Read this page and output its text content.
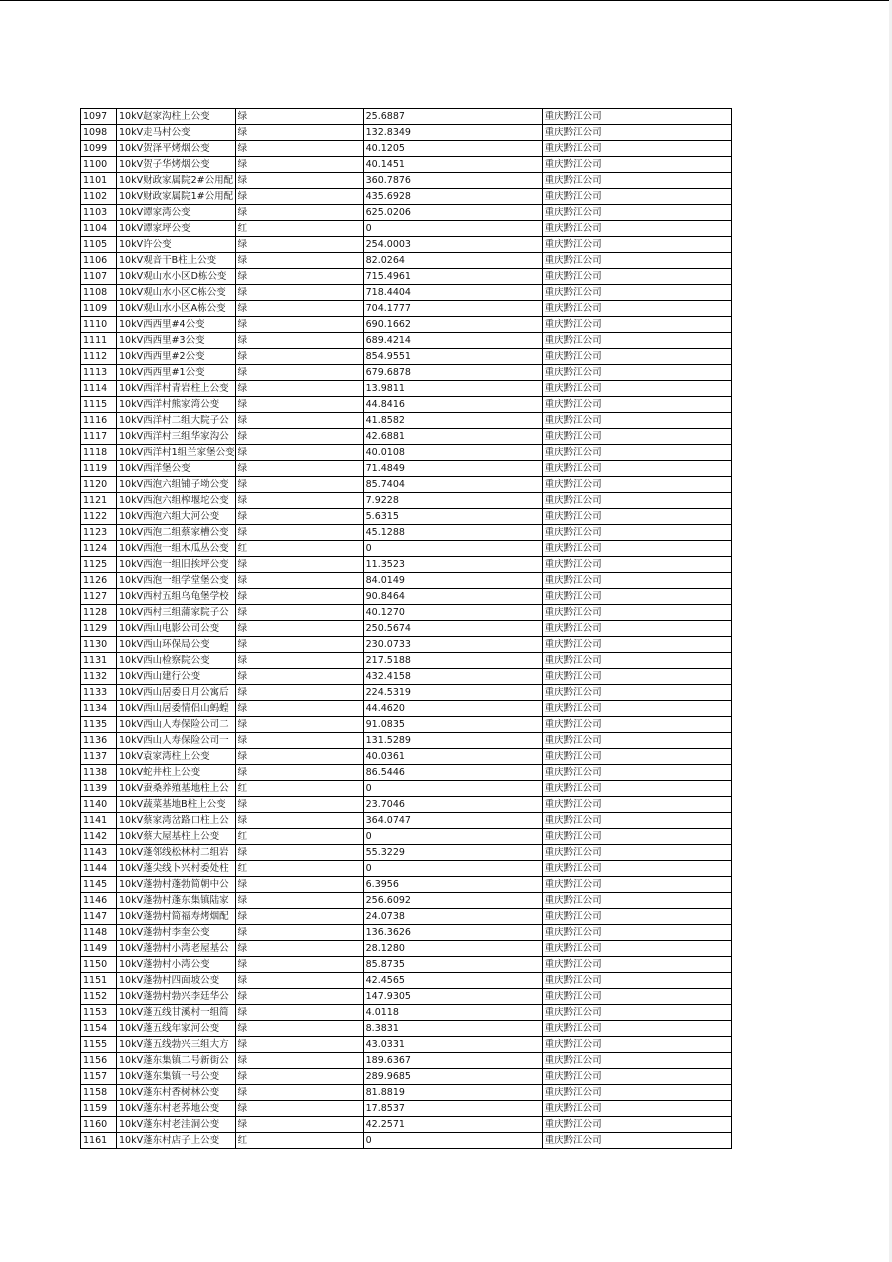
1097	10kV赵家沟柱上公变	绿	25.6887	重庆黔江公司
1098	10kV走马村公变	绿	132.8349	重庆黔江公司
1099	10kV贺泽平烤烟公变	绿	40.1205	重庆黔江公司
1100	10kV贺子华烤烟公变	绿	40.1451	重庆黔江公司
1101	10kV财政家属院2#公用配	绿	360.7876	重庆黔江公司
1102	10kV财政家属院1#公用配	绿	435.6928	重庆黔江公司
1103	10kV谭家湾公变	绿	625.0206	重庆黔江公司
1104	10kV谭家坪公变	红	0	重庆黔江公司
1105	10kV许公变	绿	254.0003	重庆黔江公司
1106	10kV观音干B柱上公变	绿	82.0264	重庆黔江公司
1107	10kV观山水小区D栋公变	绿	715.4961	重庆黔江公司
1108	10kV观山水小区C栋公变	绿	718.4404	重庆黔江公司
1109	10kV观山水小区A栋公变	绿	704.1777	重庆黔江公司
1110	10kV西西里#4公变	绿	690.1662	重庆黔江公司
1111	10kV西西里#3公变	绿	689.4214	重庆黔江公司
1112	10kV西西里#2公变	绿	854.9551	重庆黔江公司
1113	10kV西西里#1公变	绿	679.6878	重庆黔江公司
1114	10kV西洋村青岩柱上公变	绿	13.9811	重庆黔江公司
1115	10kV西洋村熊家湾公变	绿	44.8416	重庆黔江公司
1116	10kV西洋村二组大院子公	绿	41.8582	重庆黔江公司
1117	10kV西洋村三组华家沟公	绿	42.6881	重庆黔江公司
1118	10kV西洋村1组兰家堡公变	绿	40.0108	重庆黔江公司
1119	10kV西洋堡公变	绿	71.4849	重庆黔江公司
1120	10kV西泡六组铺子坳公变	绿	85.7404	重庆黔江公司
1121	10kV西泡六组榨堰坨公变	绿	7.9228	重庆黔江公司
1122	10kV西泡六组大河公变	绿	5.6315	重庆黔江公司
1123	10kV西泡二组蔡家槽公变	绿	45.1288	重庆黔江公司
1124	10kV西泡一组木瓜丛公变	红	0	重庆黔江公司
1125	10kV西泡一组旧挨坪公变	绿	11.3523	重庆黔江公司
1126	10kV西泡一组学堂堡公变	绿	84.0149	重庆黔江公司
1127	10kV西村五组乌龟堡学校	绿	90.8464	重庆黔江公司
1128	10kV西村三组蒲家院子公	绿	40.1270	重庆黔江公司
1129	10kV西山电影公司公变	绿	250.5674	重庆黔江公司
1130	10kV西山环保局公变	绿	230.0733	重庆黔江公司
1131	10kV西山检察院公变	绿	217.5188	重庆黔江公司
1132	10kV西山建行公变	绿	432.4158	重庆黔江公司
1133	10kV西山居委日月公寓后	绿	224.5319	重庆黔江公司
1134	10kV西山居委情侣山蚂蝗	绿	44.4620	重庆黔江公司
1135	10kV西山人寿保险公司二	绿	91.0835	重庆黔江公司
1136	10kV西山人寿保险公司一	绿	131.5289	重庆黔江公司
1137	10kV袁家湾柱上公变	绿	40.0361	重庆黔江公司
1138	10kV蛇井柱上公变	绿	86.5446	重庆黔江公司
1139	10kV蚕桑养殖基地柱上公	红	0	重庆黔江公司
1140	10kV蔬菜基地B柱上公变	绿	23.7046	重庆黔江公司
1141	10kV蔡家湾岔路口柱上公	绿	364.0747	重庆黔江公司
1142	10kV蔡大屋基柱上公变	红	0	重庆黔江公司
1143	10kV蓬邻线松林村二组岩	绿	55.3229	重庆黔江公司
1144	10kV蓬尖线卜兴村委处柱	红	0	重庆黔江公司
1145	10kV蓬勃村蓬勃简朝中公	绿	6.3956	重庆黔江公司
1146	10kV蓬勃村蓬东集镇陆家	绿	256.6092	重庆黔江公司
1147	10kV蓬勃村简福寿烤烟配	绿	24.0738	重庆黔江公司
1148	10kV蓬勃村李奎公变	绿	136.3626	重庆黔江公司
1149	10kV蓬勃村小湾老屋基公	绿	28.1280	重庆黔江公司
1150	10kV蓬勃村小湾公变	绿	85.8735	重庆黔江公司
1151	10kV蓬勃村四面坡公变	绿	42.4565	重庆黔江公司
1152	10kV蓬勃村勃兴李廷华公	绿	147.9305	重庆黔江公司
1153	10kV蓬五线甘溪村一组简	绿	4.0118	重庆黔江公司
1154	10kV蓬五线年家河公变	绿	8.3831	重庆黔江公司
1155	10kV蓬五线勃兴三组大方	绿	43.0331	重庆黔江公司
1156	10kV蓬东集镇二号新街公	绿	189.6367	重庆黔江公司
1157	10kV蓬东集镇一号公变	绿	289.9685	重庆黔江公司
1158	10kV蓬东村香树林公变	绿	81.8819	重庆黔江公司
1159	10kV蓬东村老荞地公变	绿	17.8537	重庆黔江公司
1160	10kV蓬东村老洼洞公变	绿	42.2571	重庆黔江公司
1161	10kV蓬东村店子上公变	红	0	重庆黔江公司
